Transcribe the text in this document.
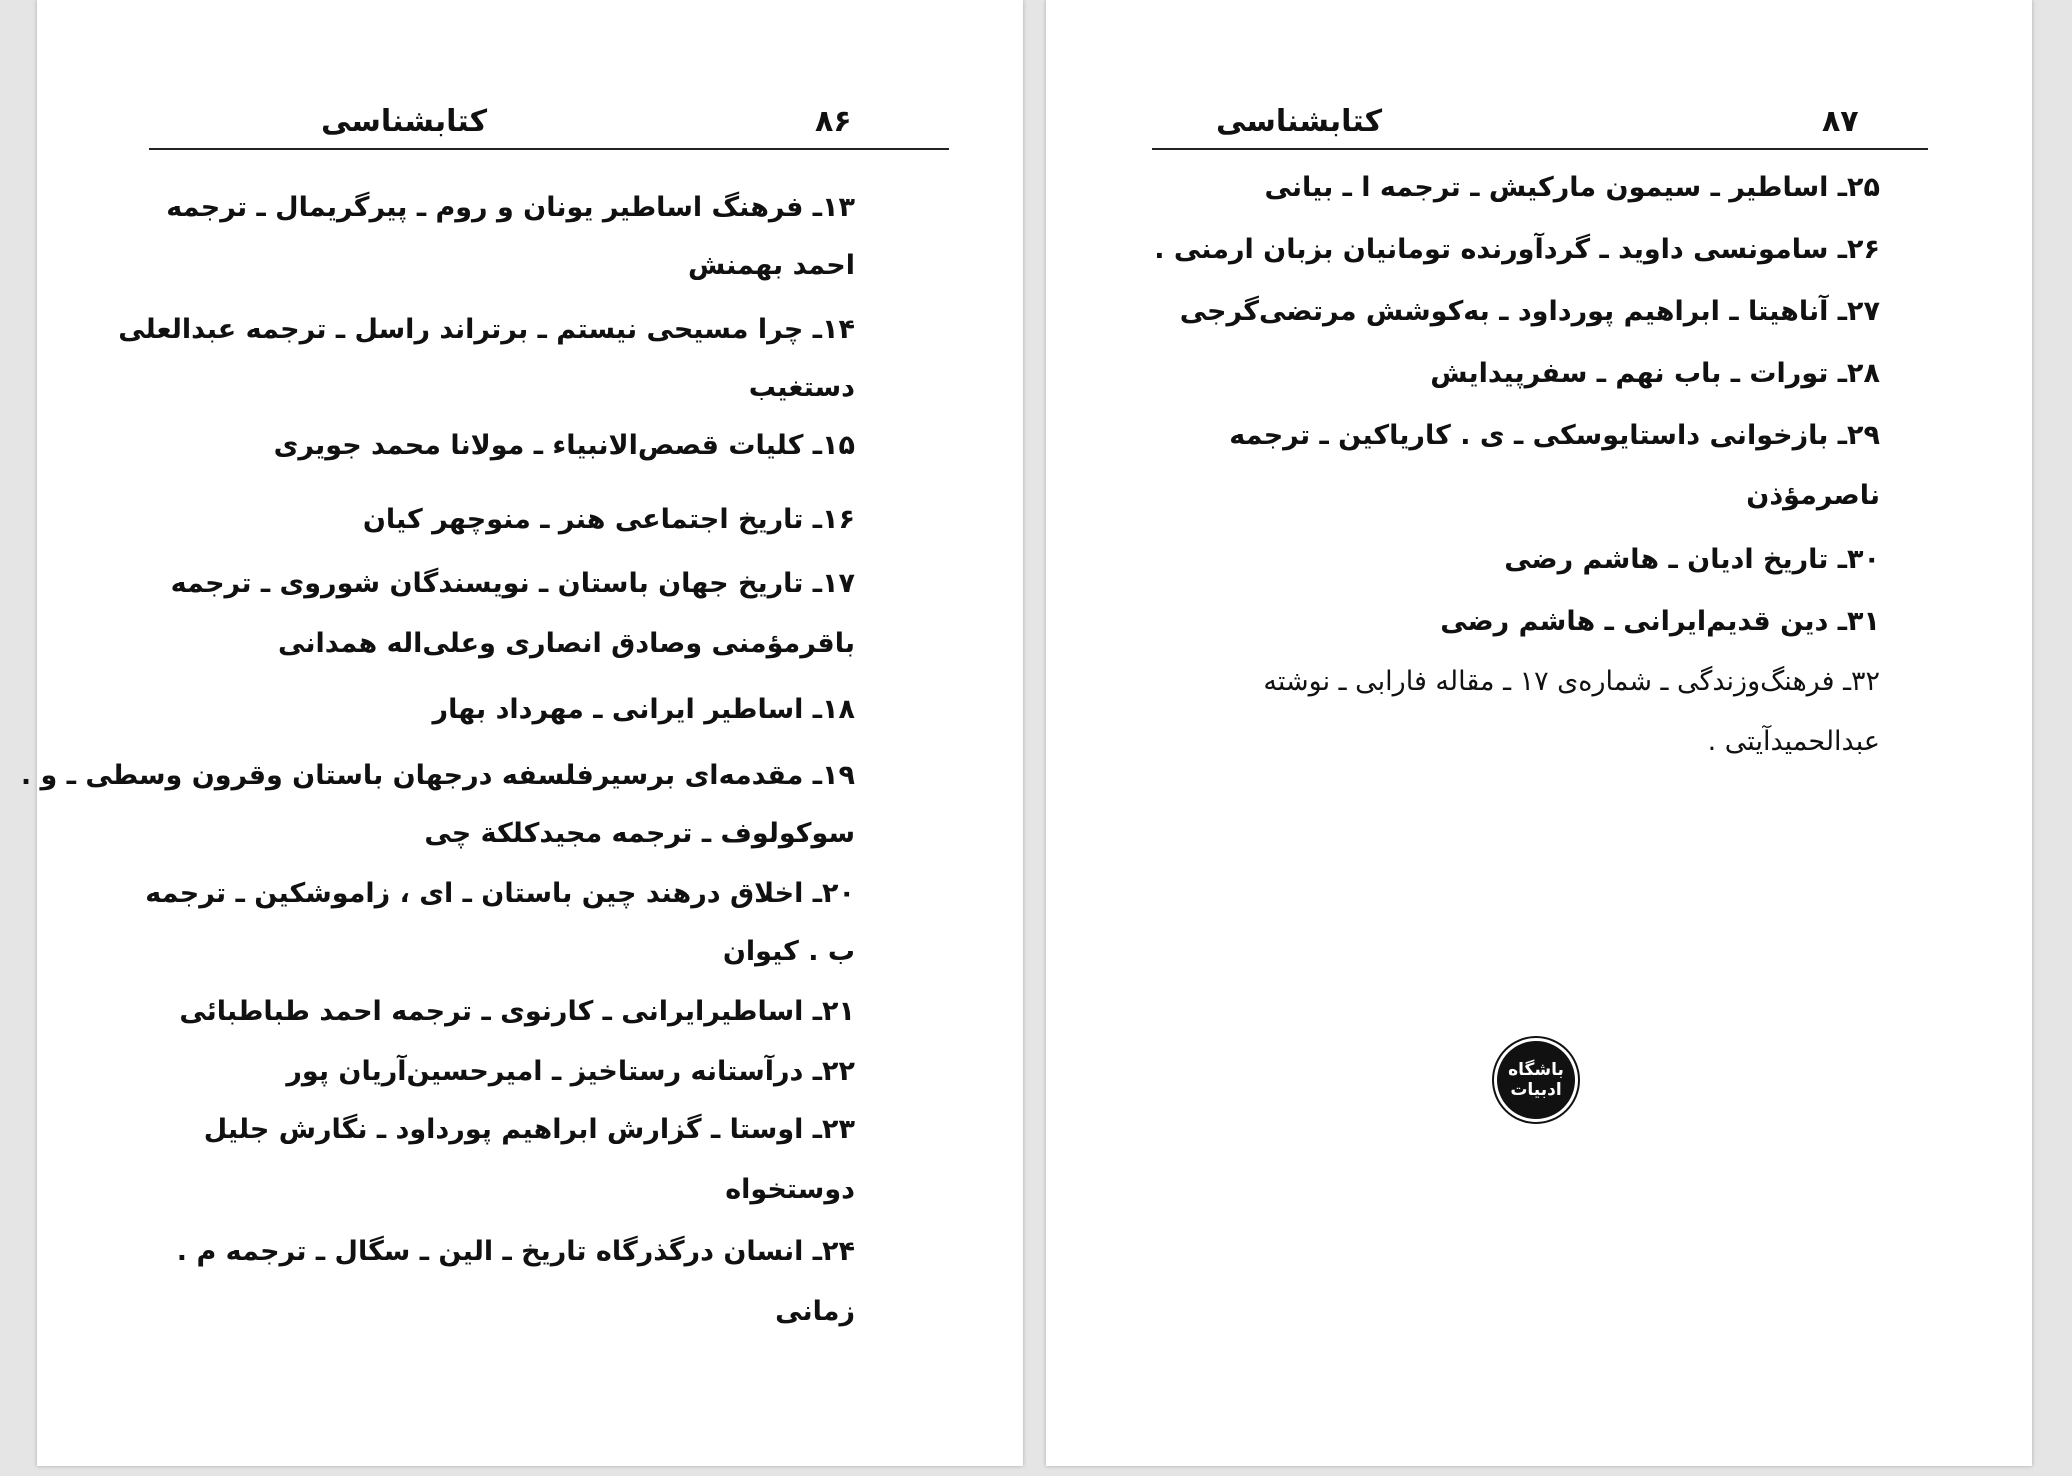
۸۶
کتابشناسی
۱۳ـ فرهنگ اساطیر یونان و روم ـ پیرگریمال ـ ترجمه
احمد بهمنش
۱۴ـ چرا مسیحی نیستم ـ برتراند راسل ـ ترجمه عبدالعلی
دستغیب
۱۵ـ کلیات قصص‌الانبیاء ـ مولانا محمد جویری
۱۶ـ تاریخ اجتماعی هنر ـ منوچهر کیان
۱۷ـ تاریخ جهان باستان ـ نویسندگان شوروی ـ ترجمه
باقرمؤمنی وصادق انصاری وعلی‌اله همدانی
۱۸ـ اساطیر ایرانی ـ مهرداد بهار
۱۹ـ مقدمه‌ای برسیرفلسفه درجهان باستان وقرون وسطی ـ و .
سوکولوف ـ ترجمه مجیدکلکة چی
۲۰ـ اخلاق درهند چین باستان ـ ای ، زاموشکین ـ ترجمه
ب . کیوان
۲۱ـ اساطیرایرانی ـ کارنوی ـ ترجمه احمد طباطبائی
۲۲ـ درآستانه رستاخیز ـ امیرحسین‌آریان پور
۲۳ـ اوستا ـ گزارش ابراهیم پورداود ـ نگارش جلیل
دوستخواه
۲۴ـ انسان درگذرگاه تاریخ ـ الین ـ سگال ـ ترجمه م .
زمانی
۸۷
کتابشناسی
۲۵ـ اساطیر ـ سیمون مارکیش ـ ترجمه ا ـ بیانی
۲۶ـ سامونسی داوید ـ گردآورنده تومانیان بزبان ارمنی .
۲۷ـ آناهیتا ـ ابراهیم پورداود ـ به‌کوشش مرتضی‌گرجی
۲۸ـ تورات ـ باب نهم ـ سفرپیدایش
۲۹ـ بازخوانی داستایوسکی ـ ی . کاریاکین ـ ترجمه
ناصرمؤذن
۳۰ـ تاریخ ادیان ـ هاشم رضی
۳۱ـ دین قدیم‌ایرانی ـ هاشم رضی
۳۲ـ فرهنگ‌وزندگی ـ شماره‌ی ۱۷ ـ مقاله فارابی ـ نوشته
عبدالحمیدآیتی .
باشگاه ادبیات
